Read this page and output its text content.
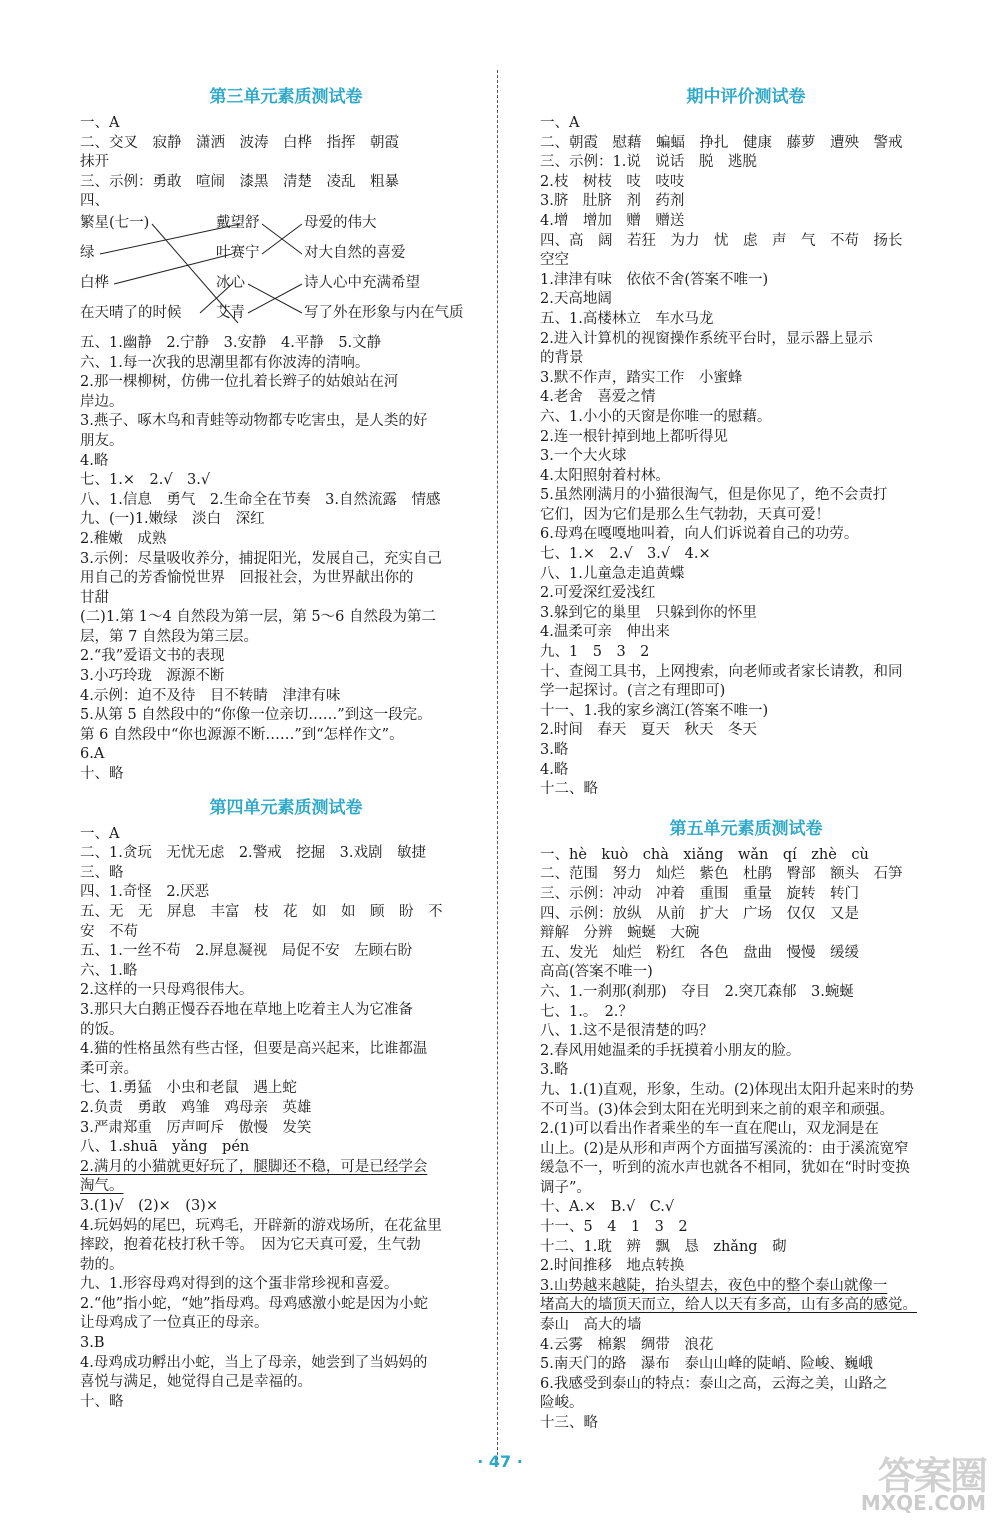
第三单元素质测试卷
一、A
二、交叉　寂静　潇洒　波涛　白桦　指挥　朝霞
抹开
三、示例：勇敢　喧闹　漆黑　清楚　凌乱　粗暴
四、
繁星(七一)
绿
白桦
在天晴了的时候
戴望舒
叶赛宁
冰心
艾青
母爱的伟大
对大自然的喜爱
诗人心中充满希望
写了外在形象与内在气质
五、1.幽静　2.宁静　3.安静　4.平静　5.文静
六、1.每一次我的思潮里都有你波涛的清响。
2.那一棵柳树，仿佛一位扎着长辫子的姑娘站在河
岸边。
3.燕子、啄木鸟和青蛙等动物都专吃害虫，是人类的好
朋友。
4.略
七、1.×　2.√　3.√
八、1.信息　勇气　2.生命全在节奏　3.自然流露　情感
九、(一)1.嫩绿　淡白　深红
2.稚嫩　成熟
3.示例：尽量吸收养分，捕捉阳光，发展自己，充实自己
用自己的芳香愉悦世界　回报社会，为世界献出你的
甘甜
(二)1.第 1～4 自然段为第一层，第 5～6 自然段为第二
层，第 7 自然段为第三层。
2.“我”爱语文书的表现
3.小巧玲珑　源源不断
4.示例：迫不及待　目不转睛　津津有味
5.从第 5 自然段中的“你像一位亲切……”到这一段完。
第 6 自然段中“你也源源不断……”到“怎样作文”。
6.A
十、略
第四单元素质测试卷
一、A
二、1.贪玩　无忧无虑　2.警戒　挖掘　3.戏剧　敏捷
三、略
四、1.奇怪　2.厌恶
五、无　无　屏息　丰富　枝　花　如　如　顾　盼　不
安　不苟
五、1.一丝不苟　2.屏息凝视　局促不安　左顾右盼
六、1.略
2.这样的一只母鸡很伟大。
3.那只大白鹅正慢吞吞地在草地上吃着主人为它准备
的饭。
4.猫的性格虽然有些古怪，但要是高兴起来，比谁都温
柔可亲。
七、1.勇猛　小虫和老鼠　遇上蛇
2.负责　勇敢　鸡雏　鸡母亲　英雄
3.严肃郑重　厉声呵斥　傲慢　发笑
八、1.shuā　yǎng　pén
2.满月的小猫就更好玩了，腿脚还不稳，可是已经学会
淘气。
3.(1)√　(2)×　(3)×
4.玩妈妈的尾巴，玩鸡毛，开辟新的游戏场所，在花盆里
摔跤，抱着花枝打秋千等。　因为它天真可爱，生气勃
勃的。
九、1.形容母鸡对得到的这个蛋非常珍视和喜爱。
2.“他”指小蛇，“她”指母鸡。母鸡感激小蛇是因为小蛇
让母鸡成了一位真正的母亲。
3.B
4.母鸡成功孵出小蛇，当上了母亲，她尝到了当妈妈的
喜悦与满足，她觉得自己是幸福的。
十、略
期中评价测试卷
一、A
二、朝霞　慰藉　蝙蝠　挣扎　健康　藤萝　遭殃　警戒
三、示例：1.说　说话　脱　逃脱
2.枝　树枝　吱　吱吱
3.脐　肚脐　剂　药剂
4.增　增加　赠　赠送
四、高　阔　若狂　为力　忧　虑　声　气　不苟　扬长
空空
1.津津有味　依依不舍(答案不唯一)
2.天高地阔
五、1.高楼林立　车水马龙
2.进入计算机的视窗操作系统平台时，显示器上显示
的背景
3.默不作声，踏实工作　小蜜蜂
4.老舍　喜爱之情
六、1.小小的天窗是你唯一的慰藉。
2.连一根针掉到地上都听得见
3.一个大火球
4.太阳照射着村林。
5.虽然刚满月的小猫很淘气，但是你见了，绝不会责打
它们，因为它们是那么生气勃勃，天真可爱！
6.母鸡在嘎嘎地叫着，向人们诉说着自己的功劳。
七、1.×　2.√　3.√　4.×
八、1.儿童急走追黄蝶
2.可爱深红爱浅红
3.躲到它的巢里　只躲到你的怀里
4.温柔可亲　伸出来
九、1　5　3　2
十、查阅工具书，上网搜索，向老师或者家长请教，和同
学一起探讨。(言之有理即可)
十一、1.我的家乡漓江(答案不唯一)
2.时间　春天　夏天　秋天　冬天
3.略
4.略
十二、略
第五单元素质测试卷
一、hè　kuò　chà　xiǎng　wǎn　qí　zhè　cù
二、范围　努力　灿烂　紫色　杜鹃　臀部　额头　石笋
三、示例：冲动　冲着　重围　重量　旋转　转门
四、示例：放纵　从前　扩大　广场　仅仅　又是
辩解　分辨　蜿蜒　大碗
五、发光　灿烂　粉红　各色　盘曲　慢慢　缓缓
高高(答案不唯一)
六、1.一刹那(刹那)　夺目　2.突兀森郁　3.蜿蜒
七、1.。　2.？
八、1.这不是很清楚的吗？
2.春风用她温柔的手抚摸着小朋友的脸。
3.略
九、1.(1)直观，形象，生动。(2)体现出太阳升起来时的势
不可当。(3)体会到太阳在光明到来之前的艰辛和顽强。
2.(1)可以看出作者乘坐的车一直在爬山，双龙洞是在
山上。(2)是从形和声两个方面描写溪流的：由于溪流宽窄
缓急不一，听到的流水声也就各不相同，犹如在“时时变换
调子”。
十、A.×　B.√　C.√
十一、5　4　1　3　2
十二、1.耽　辨　飘　恳　zhǎng　砌
2.时间推移　地点转换
3.山势越来越陡，抬头望去，夜色中的整个泰山就像一
堵高大的墙顶天而立，给人以天有多高，山有多高的感觉。
泰山　高大的墙
4.云雾　棉絮　绸带　浪花
5.南天门的路　瀑布　泰山山峰的陡峭、险峻、巍峨
6.我感受到泰山的特点：泰山之高，云海之美，山路之
险峻。
十三、略
· 47 ·	答案圈
MXQE.COM
